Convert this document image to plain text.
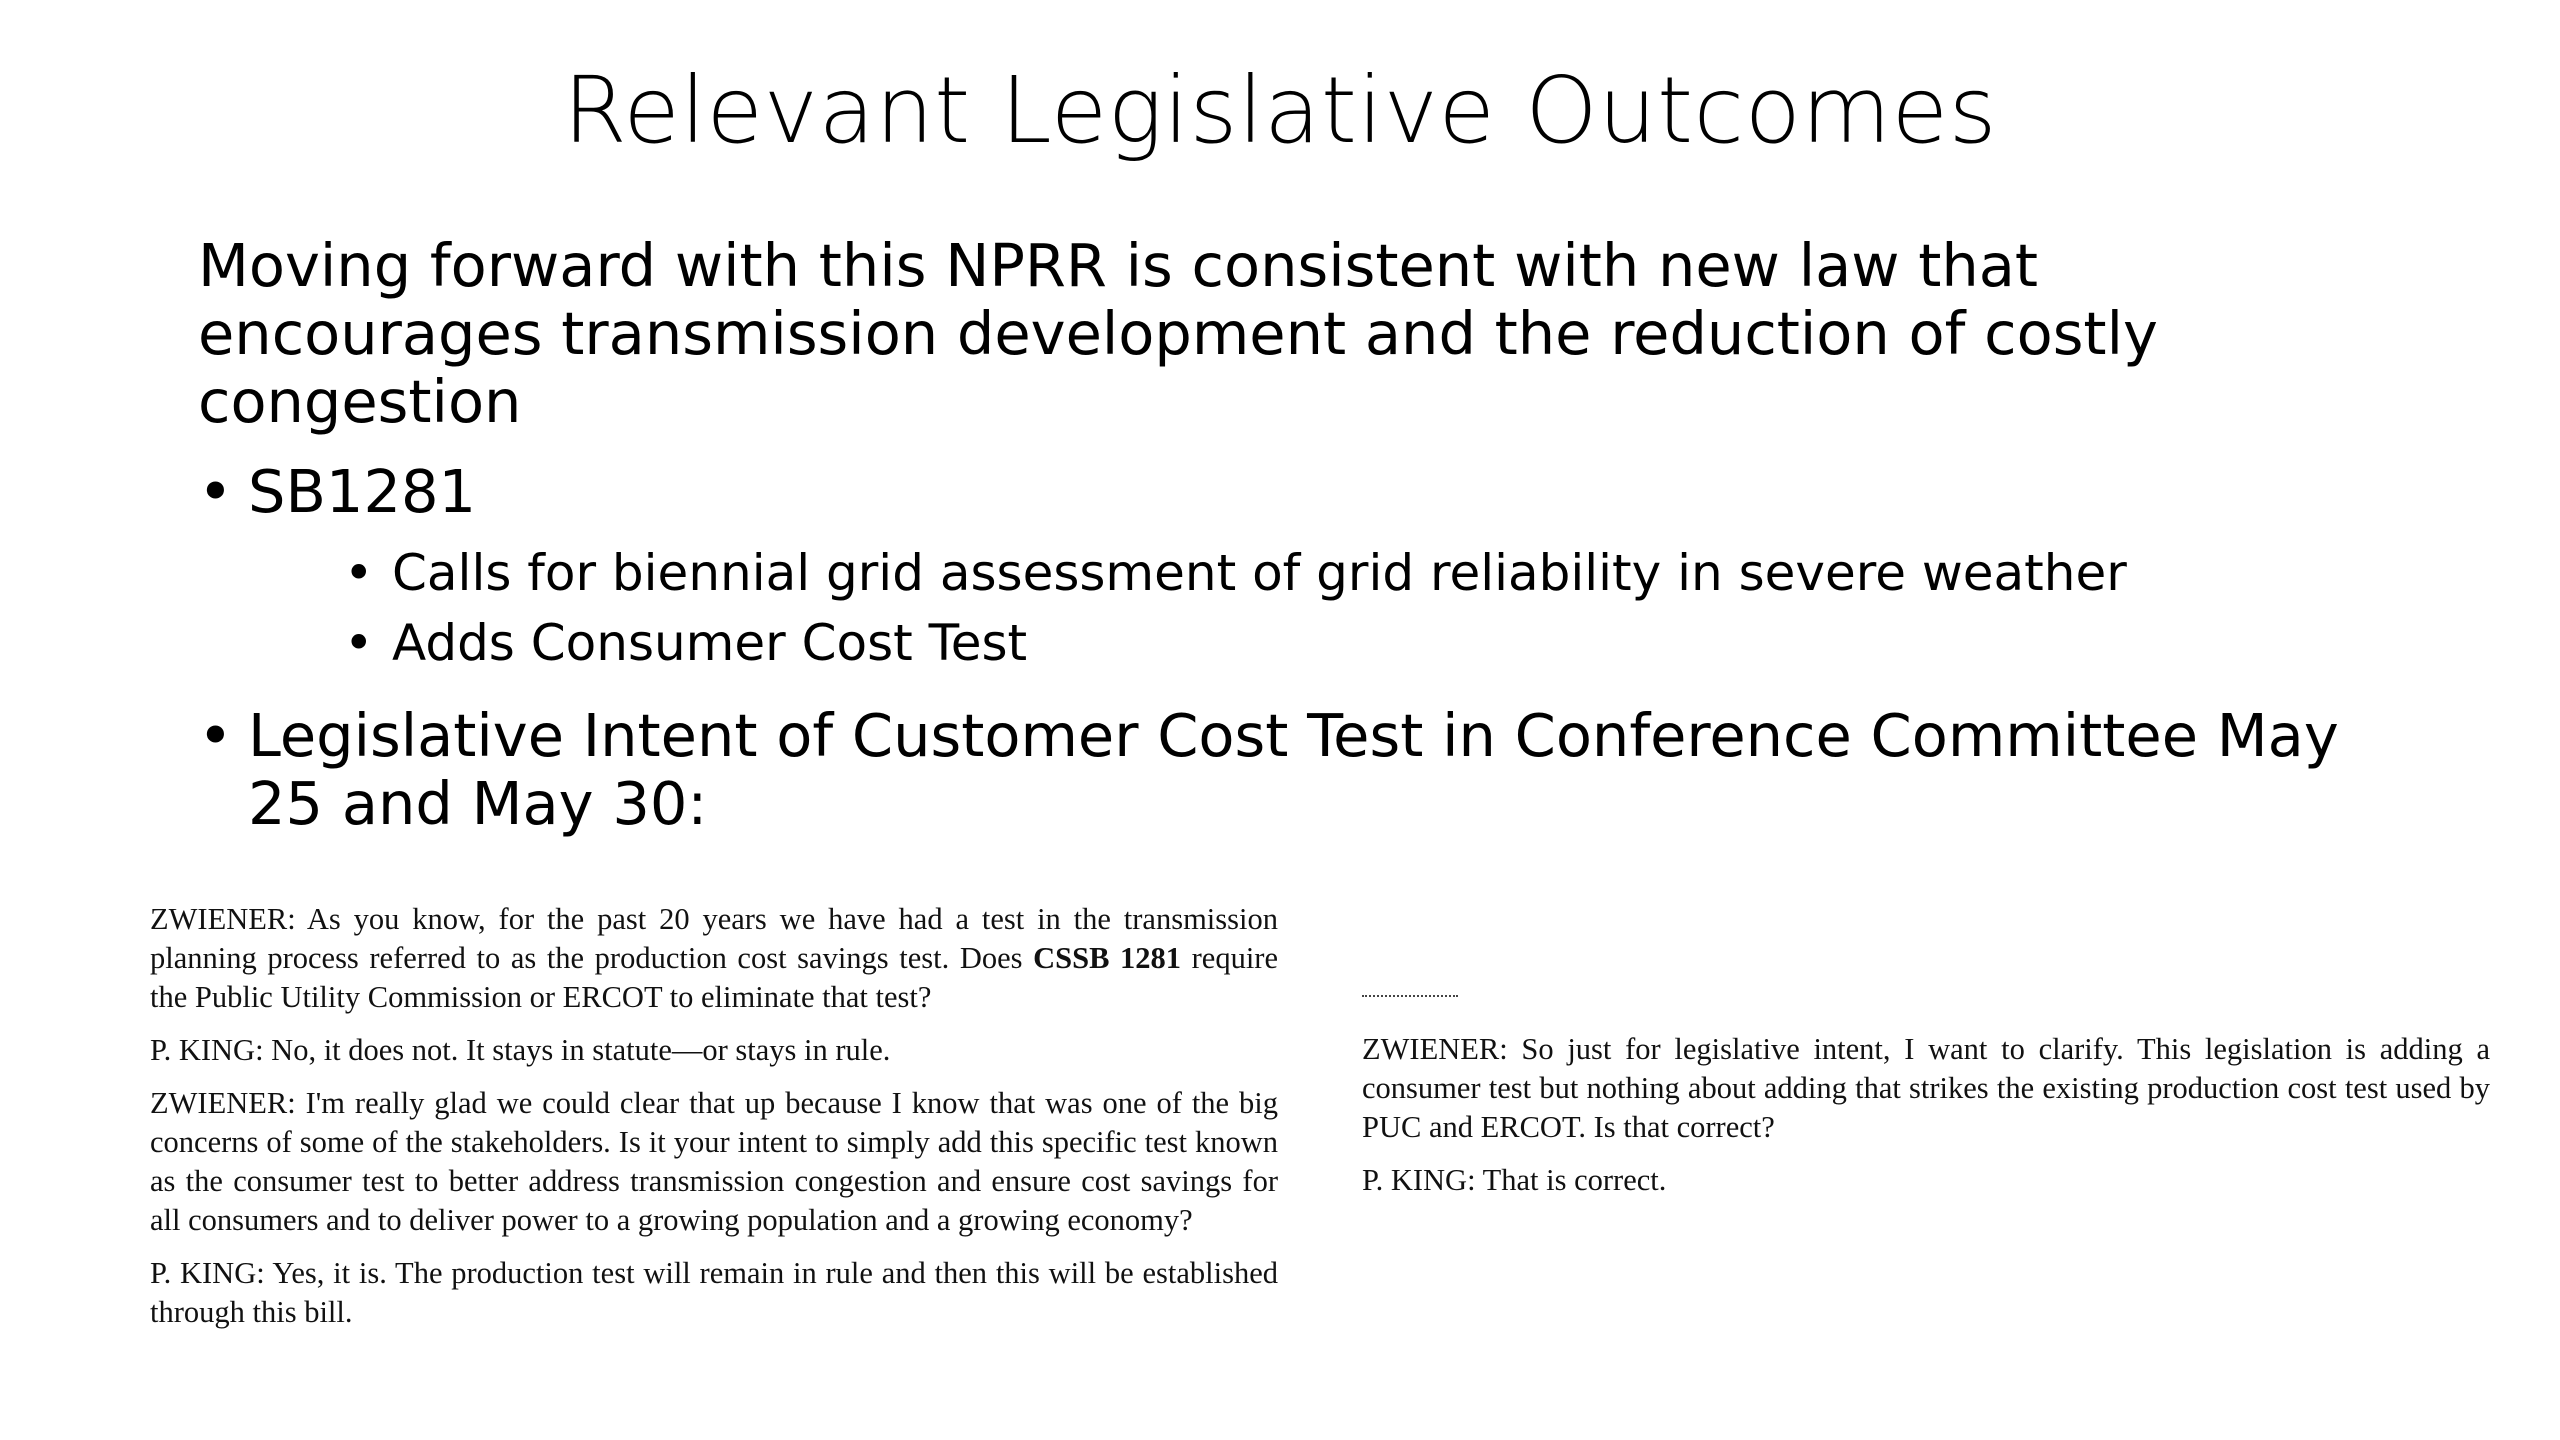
Relevant Legislative Outcomes

Moving forward with this NPRR is consistent with new law that encourages transmission development and the reduction of costly congestion

• SB1281
• Calls for biennial grid assessment of grid reliability in severe weather
• Adds Consumer Cost Test
• Legislative Intent of Customer Cost Test in Conference Committee May 25 and May 30:

ZWIENER: As you know, for the past 20 years we have had a test in the transmission planning process referred to as the production cost savings test. Does CSSB 1281 require the Public Utility Commission or ERCOT to eliminate that test?

P. KING: No, it does not. It stays in statute—or stays in rule.

ZWIENER: I'm really glad we could clear that up because I know that was one of the big concerns of some of the stakeholders. Is it your intent to simply add this specific test known as the consumer test to better address transmission congestion and ensure cost savings for all consumers and to deliver power to a growing population and a growing economy?

P. KING: Yes, it is. The production test will remain in rule and then this will be established through this bill.

ZWIENER: So just for legislative intent, I want to clarify. This legislation is adding a consumer test but nothing about adding that strikes the existing production cost test used by PUC and ERCOT. Is that correct?

P. KING: That is correct.
